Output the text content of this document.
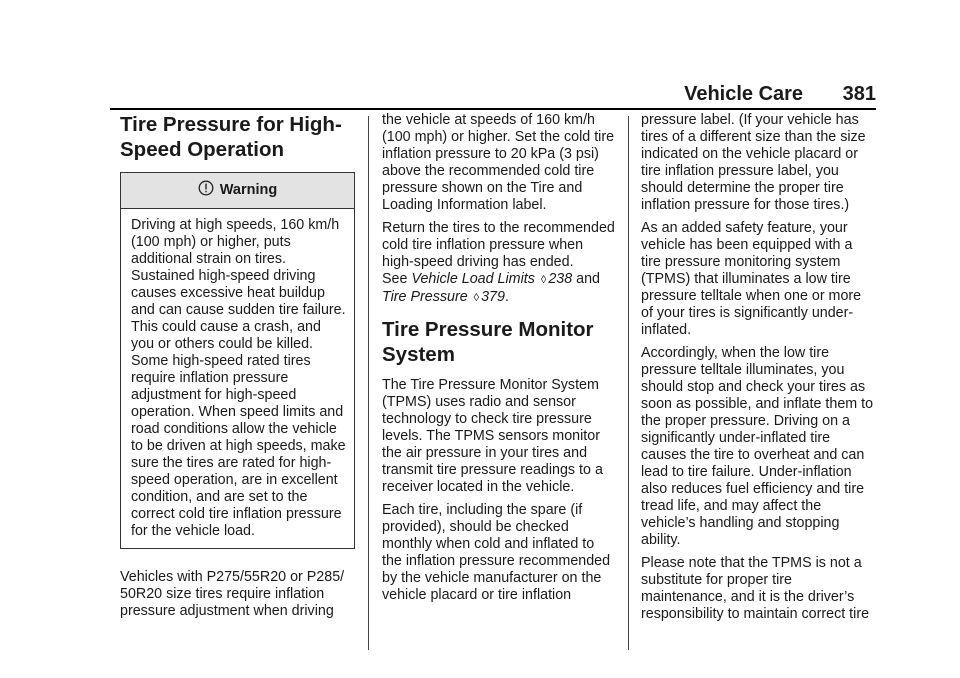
Vehicle Care 381
Tire Pressure for High-Speed Operation
Warning
Driving at high speeds, 160 km/h (100 mph) or higher, puts additional strain on tires. Sustained high-speed driving causes excessive heat buildup and can cause sudden tire failure. This could cause a crash, and you or others could be killed. Some high-speed rated tires require inflation pressure adjustment for high-speed operation. When speed limits and road conditions allow the vehicle to be driven at high speeds, make sure the tires are rated for high-speed operation, are in excellent condition, and are set to the correct cold tire inflation pressure for the vehicle load.

Vehicles with P275/55R20 or P285/ 50R20 size tires require inflation pressure adjustment when driving

the vehicle at speeds of 160 km/h (100 mph) or higher. Set the cold tire inflation pressure to 20 kPa (3 psi) above the recommended cold tire pressure shown on the Tire and Loading Information label.

Return the tires to the recommended cold tire inflation pressure when high-speed driving has ended.
See Vehicle Load Limits ◊ 238 and
Tire Pressure ◊ 379.

Tire Pressure Monitor System

The Tire Pressure Monitor System (TPMS) uses radio and sensor technology to check tire pressure levels. The TPMS sensors monitor the air pressure in your tires and transmit tire pressure readings to a receiver located in the vehicle.

Each tire, including the spare (if provided), should be checked monthly when cold and inflated to the inflation pressure recommended by the vehicle manufacturer on the vehicle placard or tire inflation

pressure label. (If your vehicle has tires of a different size than the size indicated on the vehicle placard or tire inflation pressure label, you should determine the proper tire inflation pressure for those tires.)

As an added safety feature, your vehicle has been equipped with a tire pressure monitoring system (TPMS) that illuminates a low tire pressure telltale when one or more of your tires is significantly under-inflated.

Accordingly, when the low tire pressure telltale illuminates, you should stop and check your tires as soon as possible, and inflate them to the proper pressure. Driving on a significantly under-inflated tire causes the tire to overheat and can lead to tire failure. Under-inflation also reduces fuel efficiency and tire tread life, and may affect the vehicle’s handling and stopping ability.

Please note that the TPMS is not a substitute for proper tire maintenance, and it is the driver’s responsibility to maintain correct tire
